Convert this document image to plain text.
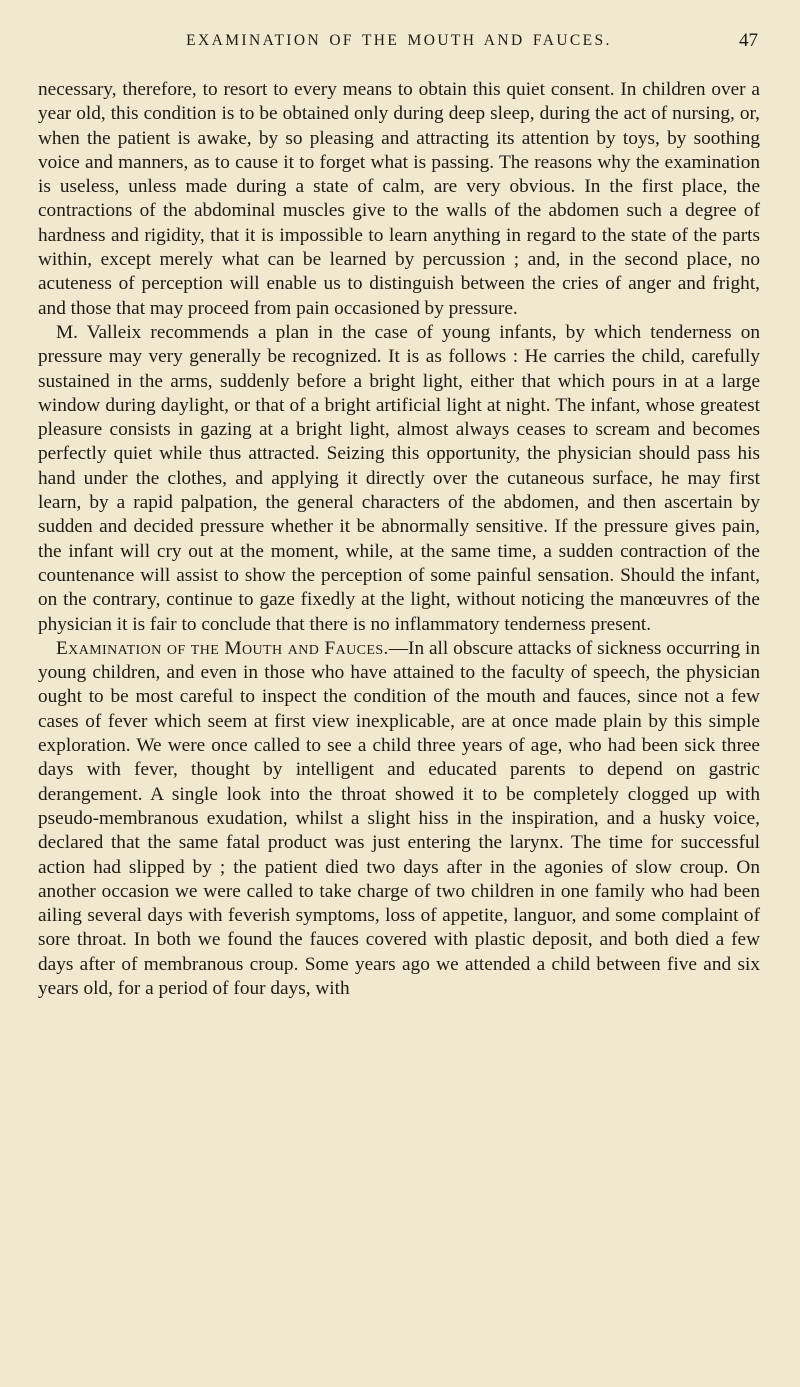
EXAMINATION OF THE MOUTH AND FAUCES.	47

necessary, therefore, to resort to every means to obtain this quiet consent. In children over a year old, this condition is to be obtained only during deep sleep, during the act of nursing, or, when the patient is awake, by so pleasing and attracting its attention by toys, by soothing voice and manners, as to cause it to forget what is passing. The reasons why the examination is useless, unless made during a state of calm, are very obvious. In the first place, the contractions of the abdominal muscles give to the walls of the abdomen such a degree of hardness and rigidity, that it is impossible to learn anything in regard to the state of the parts within, except merely what can be learned by percussion ; and, in the second place, no acuteness of perception will enable us to distinguish between the cries of anger and fright, and those that may proceed from pain occasioned by pressure.

M. Valleix recommends a plan in the case of young infants, by which tenderness on pressure may very generally be recognized. It is as follows : He carries the child, carefully sustained in the arms, suddenly before a bright light, either that which pours in at a large window during daylight, or that of a bright artificial light at night. The infant, whose greatest pleasure consists in gazing at a bright light, almost always ceases to scream and becomes perfectly quiet while thus attracted. Seizing this opportunity, the physician should pass his hand under the clothes, and applying it directly over the cutaneous surface, he may first learn, by a rapid palpation, the general characters of the abdomen, and then ascertain by sudden and decided pressure whether it be abnormally sensitive. If the pressure gives pain, the infant will cry out at the moment, while, at the same time, a sudden contraction of the countenance will assist to show the perception of some painful sensation. Should the infant, on the contrary, continue to gaze fixedly at the light, without noticing the manœuvres of the physician it is fair to conclude that there is no inflammatory tenderness present.

Examination of the Mouth and Fauces.—In all obscure attacks of sickness occurring in young children, and even in those who have attained to the faculty of speech, the physician ought to be most careful to inspect the condition of the mouth and fauces, since not a few cases of fever which seem at first view inexplicable, are at once made plain by this simple exploration. We were once called to see a child three years of age, who had been sick three days with fever, thought by intelligent and educated parents to depend on gastric derangement. A single look into the throat showed it to be completely clogged up with pseudo-membranous exudation, whilst a slight hiss in the inspiration, and a husky voice, declared that the same fatal product was just entering the larynx. The time for successful action had slipped by ; the patient died two days after in the agonies of slow croup. On another occasion we were called to take charge of two children in one family who had been ailing several days with feverish symptoms, loss of appetite, languor, and some complaint of sore throat. In both we found the fauces covered with plastic deposit, and both died a few days after of membranous croup. Some years ago we attended a child between five and six years old, for a period of four days, with
